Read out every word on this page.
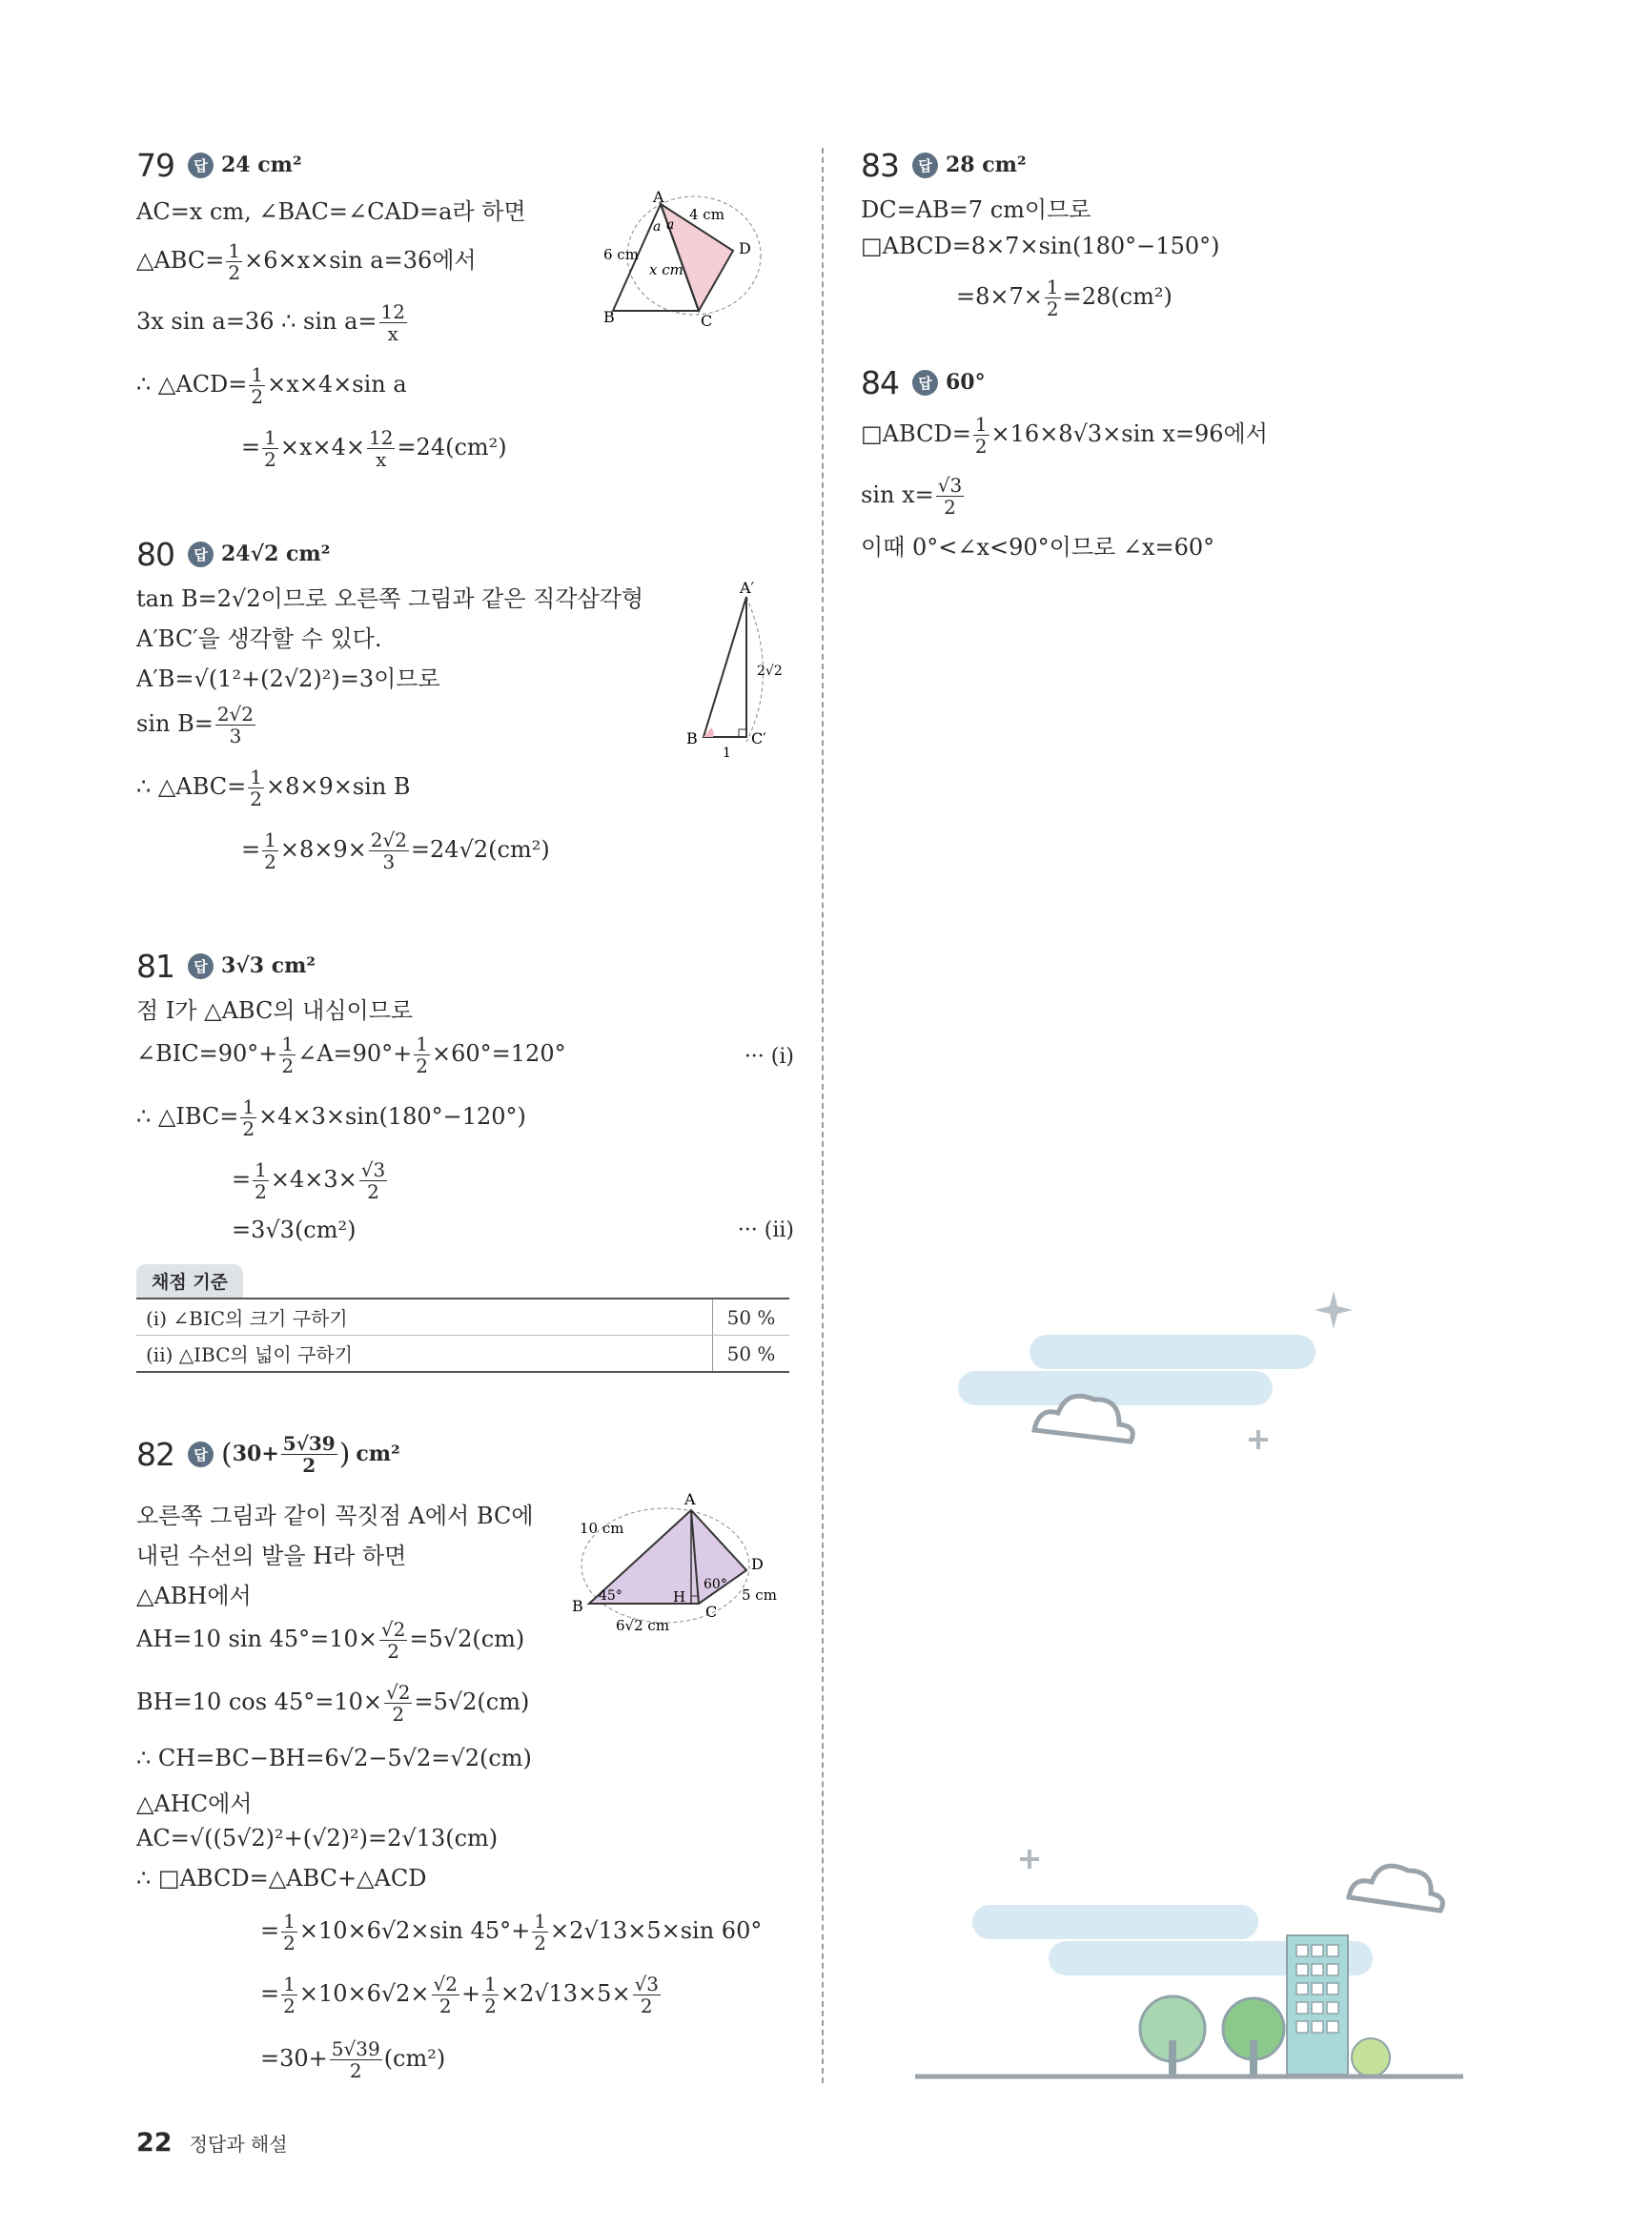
79	답 24 cm²
AC=x cm, ∠BAC=∠CAD=a라 하면
△ABC= $\frac{1}{2} \times 6\times x\times\sin$ a=36에서
3x sin a=36 ∴ $\sin a= \frac{12}{x}$
∴ △ACD= $\frac{1}{2} \times x\times 4\times\sin$ a
= $\frac{1}{2} \times x\times 4\times \frac{12}{x} =24(cm^2)$
A
B	C
D
6 cm
4 cm
x cm
a a
80	답 24√2 cm²
tan B=2√2이므로 오른쪽 그림과 같은 직각삼각형
A′BC′을 생각할 수 있다.
A′B=√(1²+(2√2)²)=3이므로
$\sin B= \frac{2√2}{3}$
∴ △ABC= $\frac{1}{2} \times 8\times 9\times\sin$ B
= $\frac{1}{2} \times 8\times 9\times \frac{2√2}{3} =24√2(cm^2)$
A′
B	C′
2√2
1
81	답 3√3 cm²
점 I가 △ABC의 내심이므로
∠BIC=90°+ $\frac{1}{2}$ ∠A=90°+ $\frac{1}{2} \times 60^\circ=120^\circ$	··· (i)
∴ △IBC= $\frac{1}{2} \times 4\times 3\times\sin(180^\circ-120^\circ)$
= $\frac{1}{2} \times 4\times 3\times \frac{√3}{2}$
=3√3(cm²)	··· (ii)
채점 기준
(i) ∠BIC의 크기 구하기	50 %
(ii) △IBC의 넓이 구하기	50 %
82	답 ( $30+ \frac{5√39}{2}$ ) cm²
오른쪽 그림과 같이 꼭짓점 A에서 BC에
내린 수선의 발을 H라 하면
△ABH에서
AH=10 $\sin 45^\circ=10\times \frac{√2}{2} =5√2(cm)$
BH=10 $\cos 45^\circ=10\times \frac{√2}{2} =5√2(cm)$
∴ CH=BC−BH=6√2−5√2=√2(cm)
△AHC에서
AC=√((5√2)²+(√2)²)=2√13(cm)
∴ □ABCD=△ABC+△ACD
= $\frac{1}{2} \times 10\times 6√2\times\sin$ $45^\circ+ \frac{1}{2} \times 2√13\times 5\times\sin$ 60°
= $\frac{1}{2} \times 10\times 6√2\times \frac{√2}{2} + \frac{1}{2} \times 2√13\times 5\times \frac{√3}{2}$
$=30+ \frac{5√39}{2} (cm^2)$
A
B	C
D
H
10 cm
5 cm
6√2 cm
45°
60°
83	답 28 cm²
DC=AB=7 cm이므로
□ABCD=8×7×sin(180°−150°)
$=8\times 7\times \frac{1}{2} =28(cm^2)$
84	답 60°
□ABCD= $\frac{1}{2} \times 16\times 8√3\times\sin$ x=96에서
$\sin x= \frac{√3}{2}$
이때 0°<∠x<90°이므로 ∠x=60°
22 정답과 해설
